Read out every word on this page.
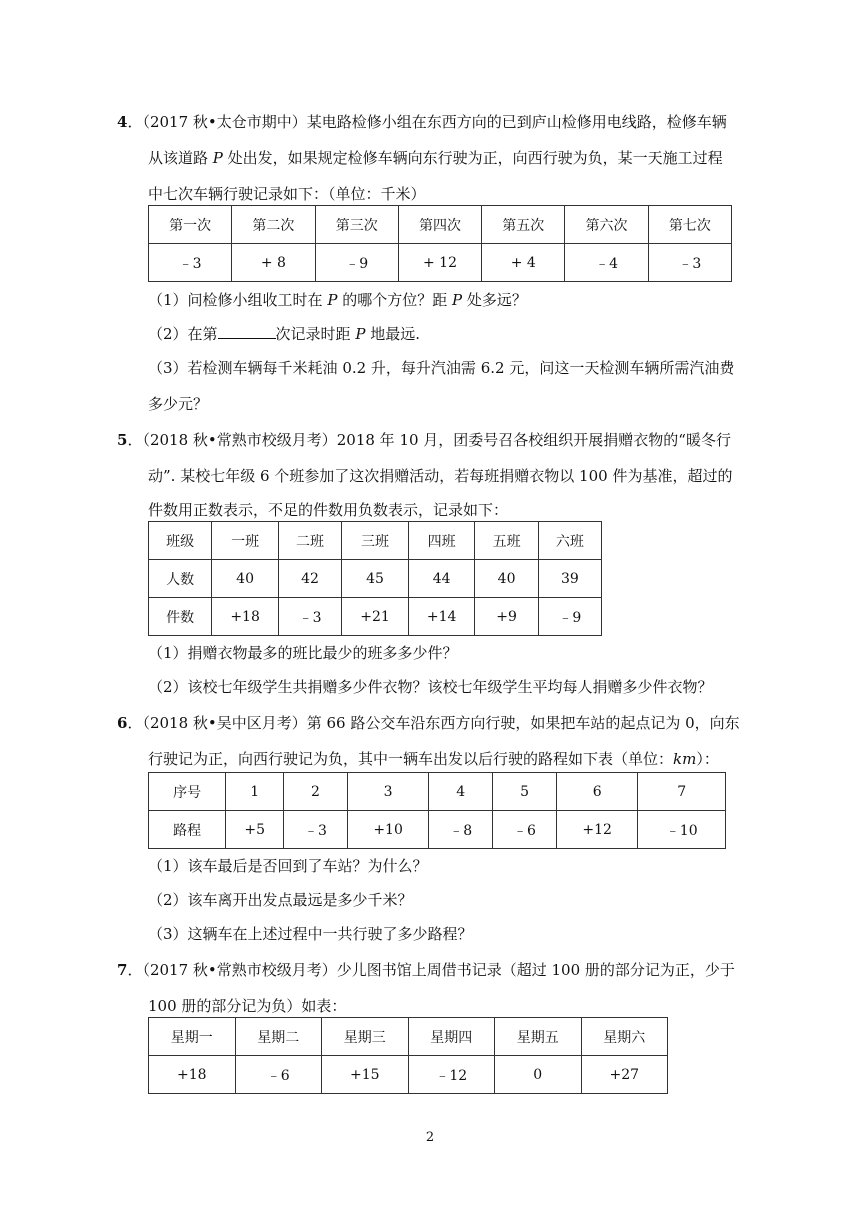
4．（2017 秋•太仓市期中）某电路检修小组在东西方向的已到庐山检修用电线路，检修车辆
从该道路 P 处出发，如果规定检修车辆向东行驶为正，向西行驶为负，某一天施工过程
中七次车辆行驶记录如下：（单位：千米）
第一次	第二次	第三次	第四次	第五次	第六次	第七次
﹣3	+ 8	﹣9	+ 12	+ 4	﹣4	﹣3
（1）问检修小组收工时在 P 的哪个方位？距 P 处多远？
（2）在第	次记录时距 P 地最远.
（3）若检测车辆每千米耗油 0.2 升，每升汽油需 6.2 元，问这一天检测车辆所需汽油费
多少元？
5．（2018 秋•常熟市校级月考）2018 年 10 月，团委号召各校组织开展捐赠衣物的“暖冬行
动”. 某校七年级 6 个班参加了这次捐赠活动，若每班捐赠衣物以 100 件为基准，超过的
件数用正数表示，不足的件数用负数表示，记录如下：
班级	一班	二班	三班	四班	五班	六班
人数	40	42	45	44	40	39
件数	+18	﹣3	+21	+14	+9	﹣9
（1）捐赠衣物最多的班比最少的班多多少件？
（2）该校七年级学生共捐赠多少件衣物？该校七年级学生平均每人捐赠多少件衣物？
6．（2018 秋•吴中区月考）第 66 路公交车沿东西方向行驶，如果把车站的起点记为 0，向东
行驶记为正，向西行驶记为负，其中一辆车出发以后行驶的路程如下表（单位：km）：
序号	1	2	3	4	5	6	7
路程	+5	﹣3	+10	﹣8	﹣6	+12	﹣10
（1）该车最后是否回到了车站？为什么？
（2）该车离开出发点最远是多少千米？
（3）这辆车在上述过程中一共行驶了多少路程？
7．（2017 秋•常熟市校级月考）少儿图书馆上周借书记录（超过 100 册的部分记为正，少于
100 册的部分记为负）如表：
星期一	星期二	星期三	星期四	星期五	星期六
+18	﹣6	+15	﹣12	0	+27
2
